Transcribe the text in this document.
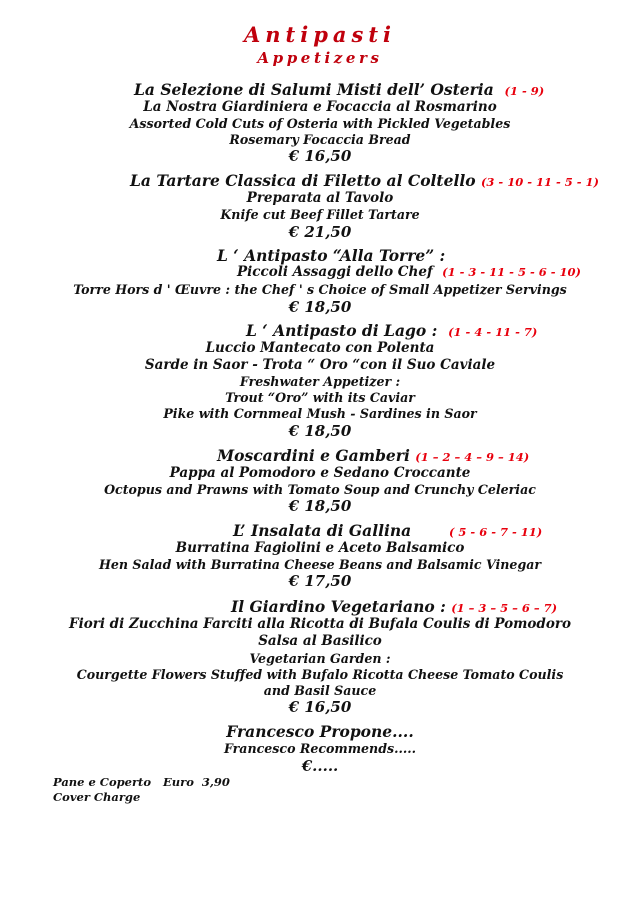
Antipasti
Appetizers
La Selezione di Salumi Misti dell’ Osteria (1 - 9)
La Nostra Giardiniera e Focaccia al Rosmarino
Assorted Cold Cuts of Osteria with Pickled Vegetables
Rosemary Focaccia Bread
€ 16,50
La Tartare Classica di Filetto al Coltello (3 - 10 - 11 - 5 - 1)
Preparata al Tavolo
Knife cut Beef Fillet Tartare
€ 21,50
L ‘ Antipasto “Alla Torre” :
Piccoli Assaggi dello Chef (1 - 3 - 11 - 5 - 6 - 10)
Torre Hors d ' Œuvre : the Chef ' s Choice of Small Appetizer Servings
€ 18,50
L ‘ Antipasto di Lago : (1 - 4 - 11 - 7)
Luccio Mantecato con Polenta
Sarde in Saor - Trota “ Oro “con il Suo Caviale
Freshwater Appetizer :
Trout “Oro” with its Caviar
Pike with Cornmeal Mush - Sardines in Saor
€ 18,50
Moscardini e Gamberi (1 – 2 – 4 – 9 – 14)
Pappa al Pomodoro e Sedano Croccante
Octopus and Prawns with Tomato Soup and Crunchy Celeriac
€ 18,50
L’ Insalata di Gallina	( 5 - 6 - 7 - 11)
Burratina Fagiolini e Aceto Balsamico
Hen Salad with Burratina Cheese Beans and Balsamic Vinegar
€ 17,50
Il Giardino Vegetariano : (1 – 3 – 5 – 6 – 7)
Fiori di Zucchina Farciti alla Ricotta di Bufala Coulis di Pomodoro
Salsa al Basilico
Vegetarian Garden :
Courgette Flowers Stuffed with Bufalo Ricotta Cheese Tomato Coulis
and Basil Sauce
€ 16,50
Francesco Propone....
Francesco Recommends.....
€.....
Pane e Coperto   Euro  3,90
Cover Charge
